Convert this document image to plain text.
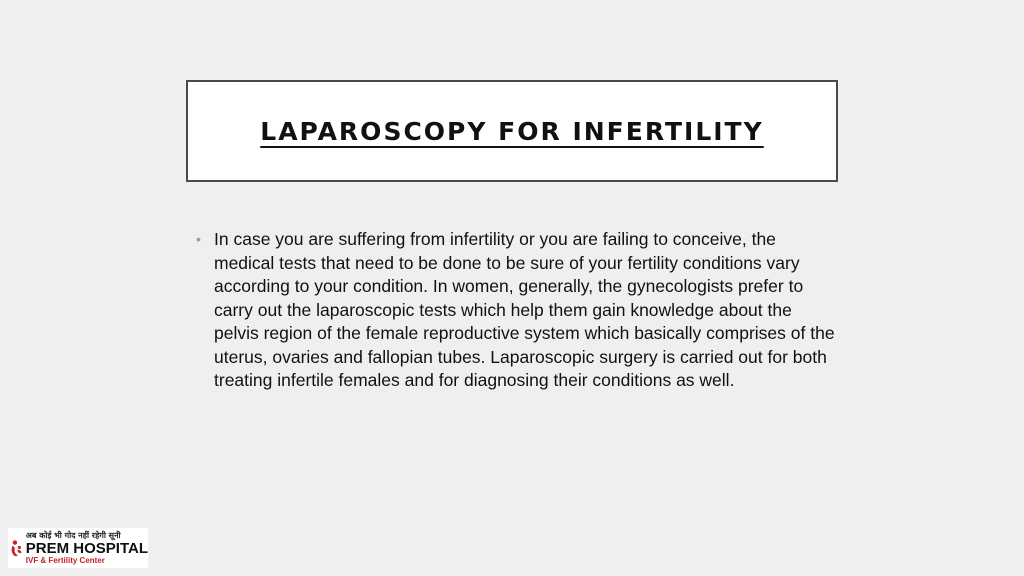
LAPAROSCOPY FOR INFERTILITY
• In case you are suffering from infertility or you are failing to conceive, the medical tests that need to be done to be sure of your fertility conditions vary according to your condition. In women, generally, the gynecologists prefer to carry out the laparoscopic tests which help them gain knowledge about the pelvis region of the female reproductive system which basically comprises of the uterus, ovaries and fallopian tubes. Laparoscopic surgery is carried out for both treating infertile females and for diagnosing their conditions as well.

अब कोई भी गोद नहीं रहेगी सूनी
PREM HOSPITAL
IVF & Fertility Center
